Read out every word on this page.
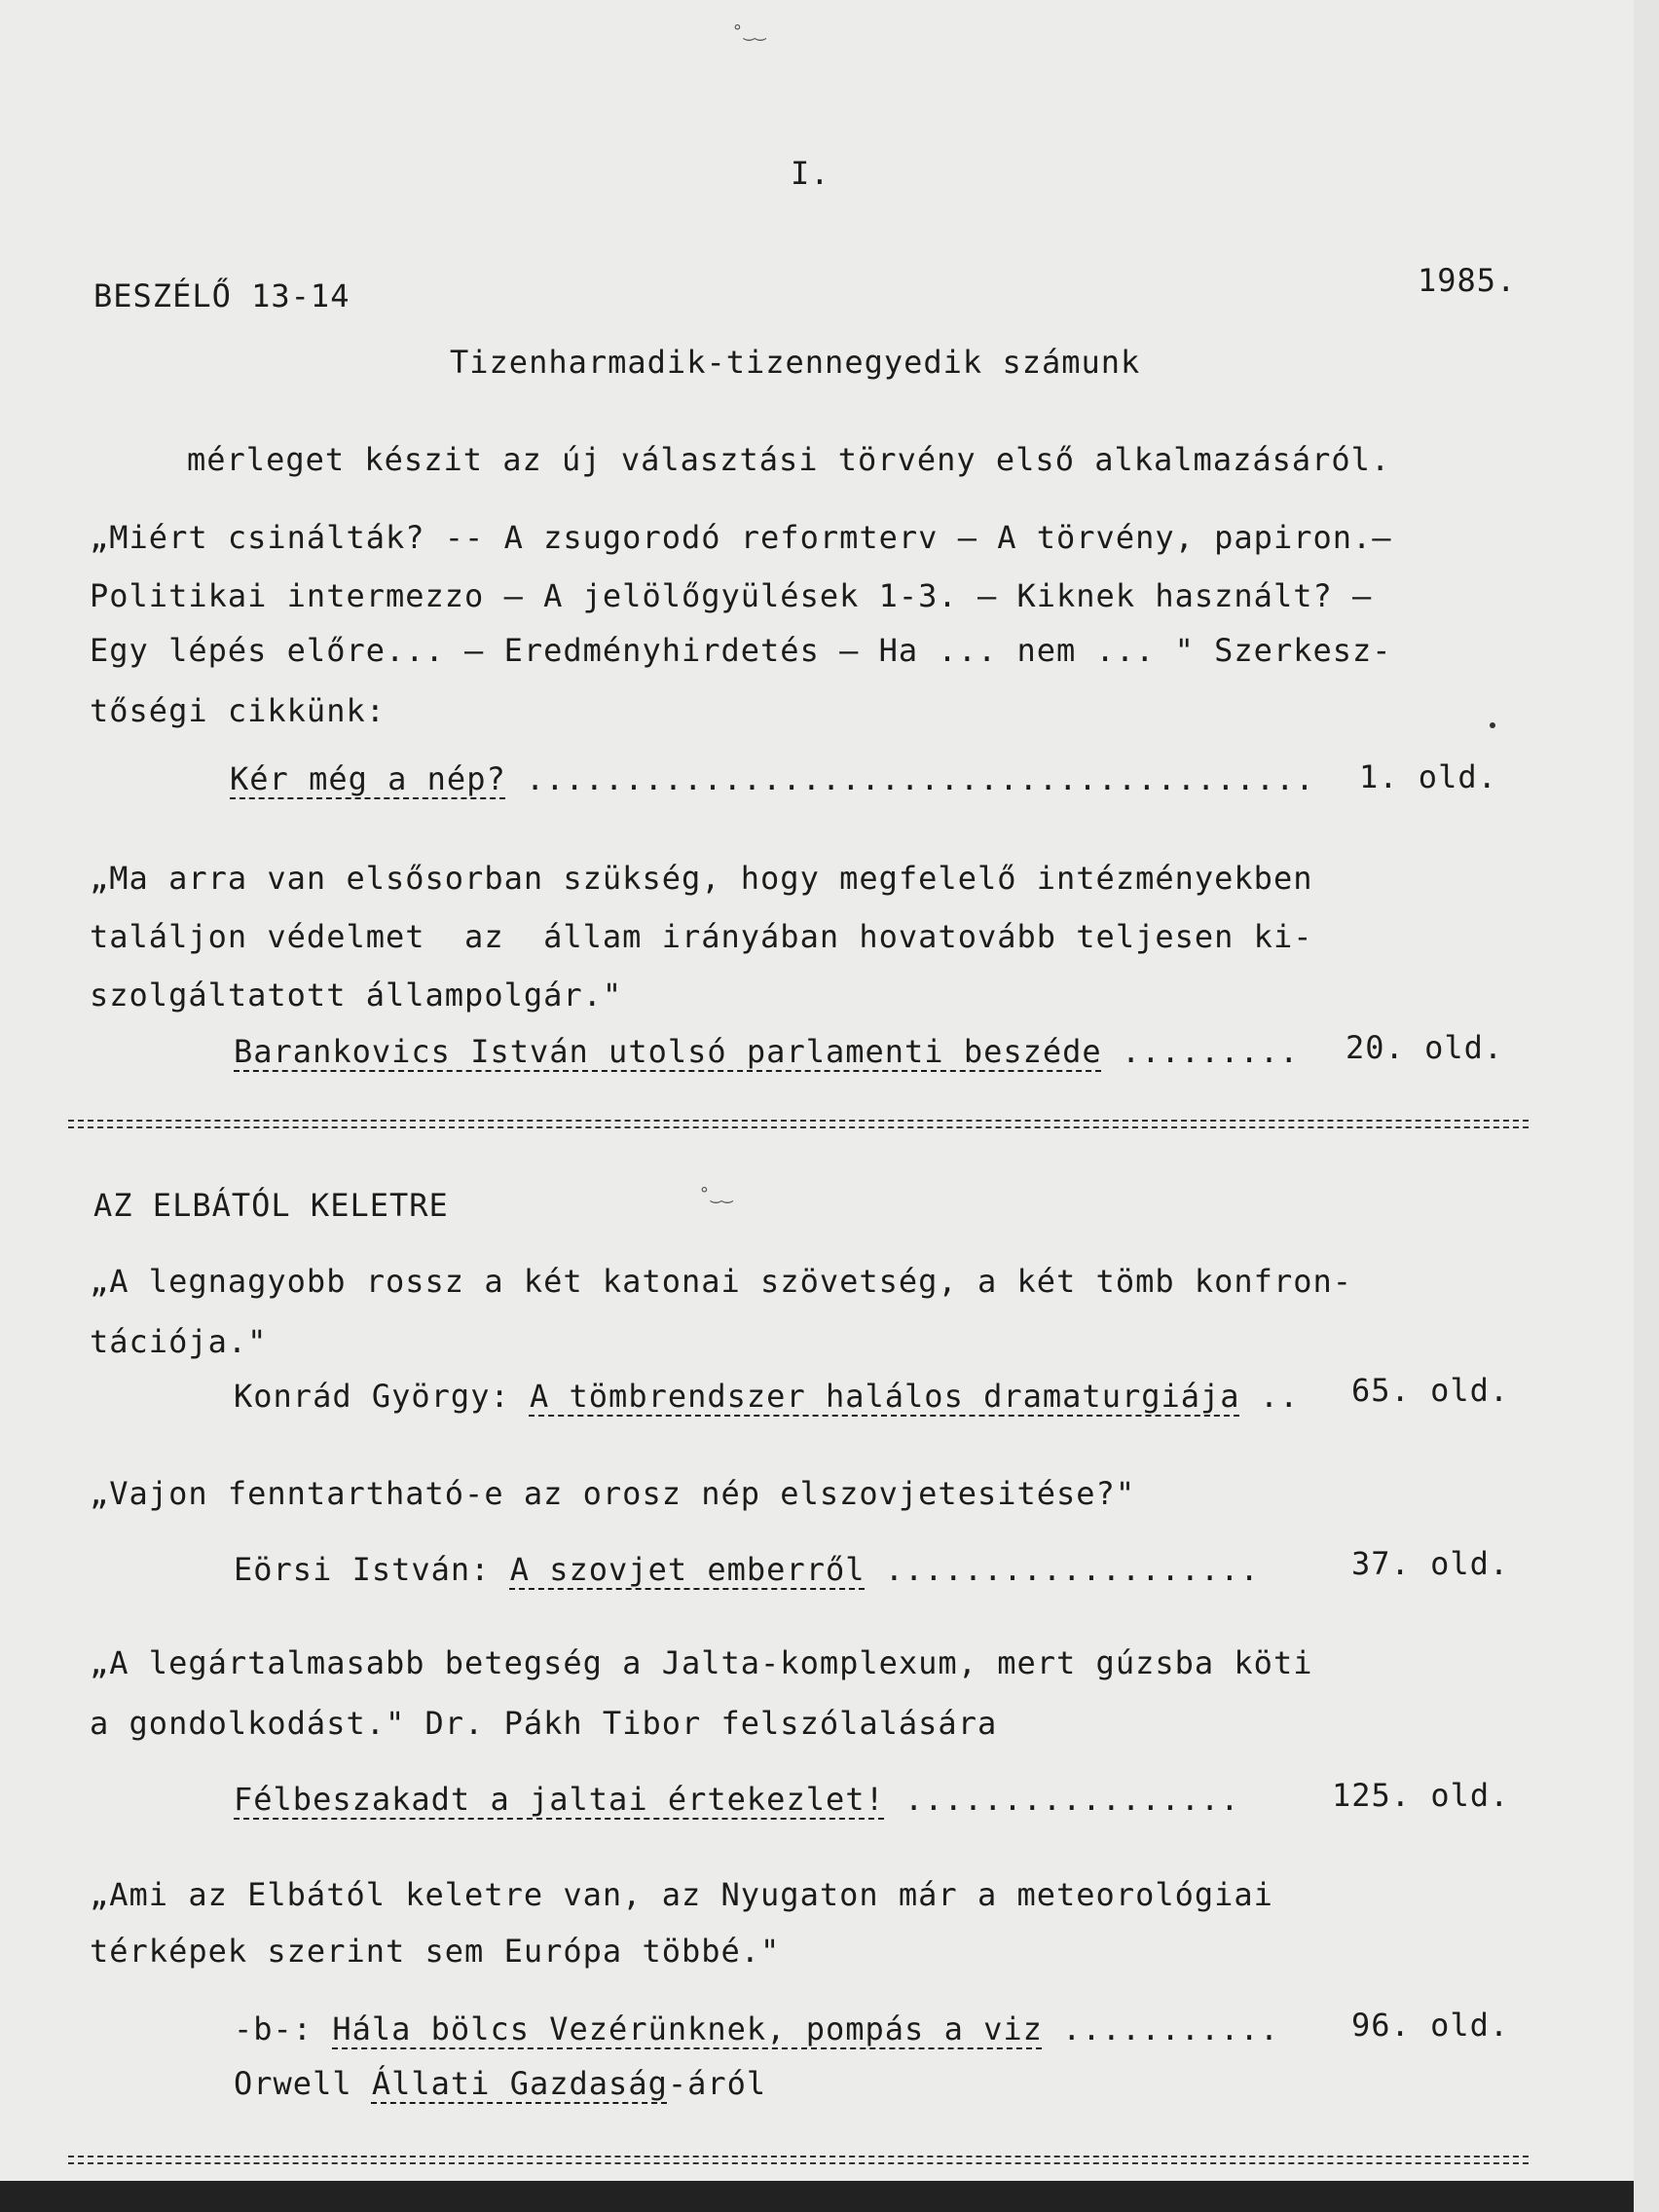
°‿‿
I.
BESZÉLŐ 13-14	1985.
Tizenharmadik-tizennegyedik számunk
mérleget készit az új választási törvény első alkalmazásáról.
„Miért csinálták? -- A zsugorodó reformterv — A törvény, papiron.—
Politikai intermezzo — A jelölőgyülések 1-3. — Kiknek használt? —
Egy lépés előre... — Eredményhirdetés — Ha ... nem ... " Szerkesz-
tőségi cikkünk:
Kér még a nép? ........................................ 1. old.
„Ma arra van elsősorban szükség, hogy megfelelő intézményekben
találjon védelmet  az  állam irányában hovatovább teljesen ki-
szolgáltatott állampolgár."
Barankovics István utolsó parlamenti beszéde ......... 20. old.
AZ ELBÁTÓL KELETRE	°‿‿
„A legnagyobb rossz a két katonai szövetség, a két tömb konfron-
tációja."
Konrád György: A tömbrendszer halálos dramaturgiája .. 65. old.
„Vajon fenntartható-e az orosz nép elszovjetesitése?"
Eörsi István: A szovjet emberről ................... 37. old.
„A legártalmasabb betegség a Jalta-komplexum, mert gúzsba köti
a gondolkodást." Dr. Pákh Tibor felszólalására
Félbeszakadt a jaltai értekezlet! ................. 125. old.
„Ami az Elbától keletre van, az Nyugaton már a meteorológiai
térképek szerint sem Európa többé."
-b-: Hála bölcs Vezérünknek, pompás a viz ........... 96. old.
Orwell Állati Gazdaság-áról
